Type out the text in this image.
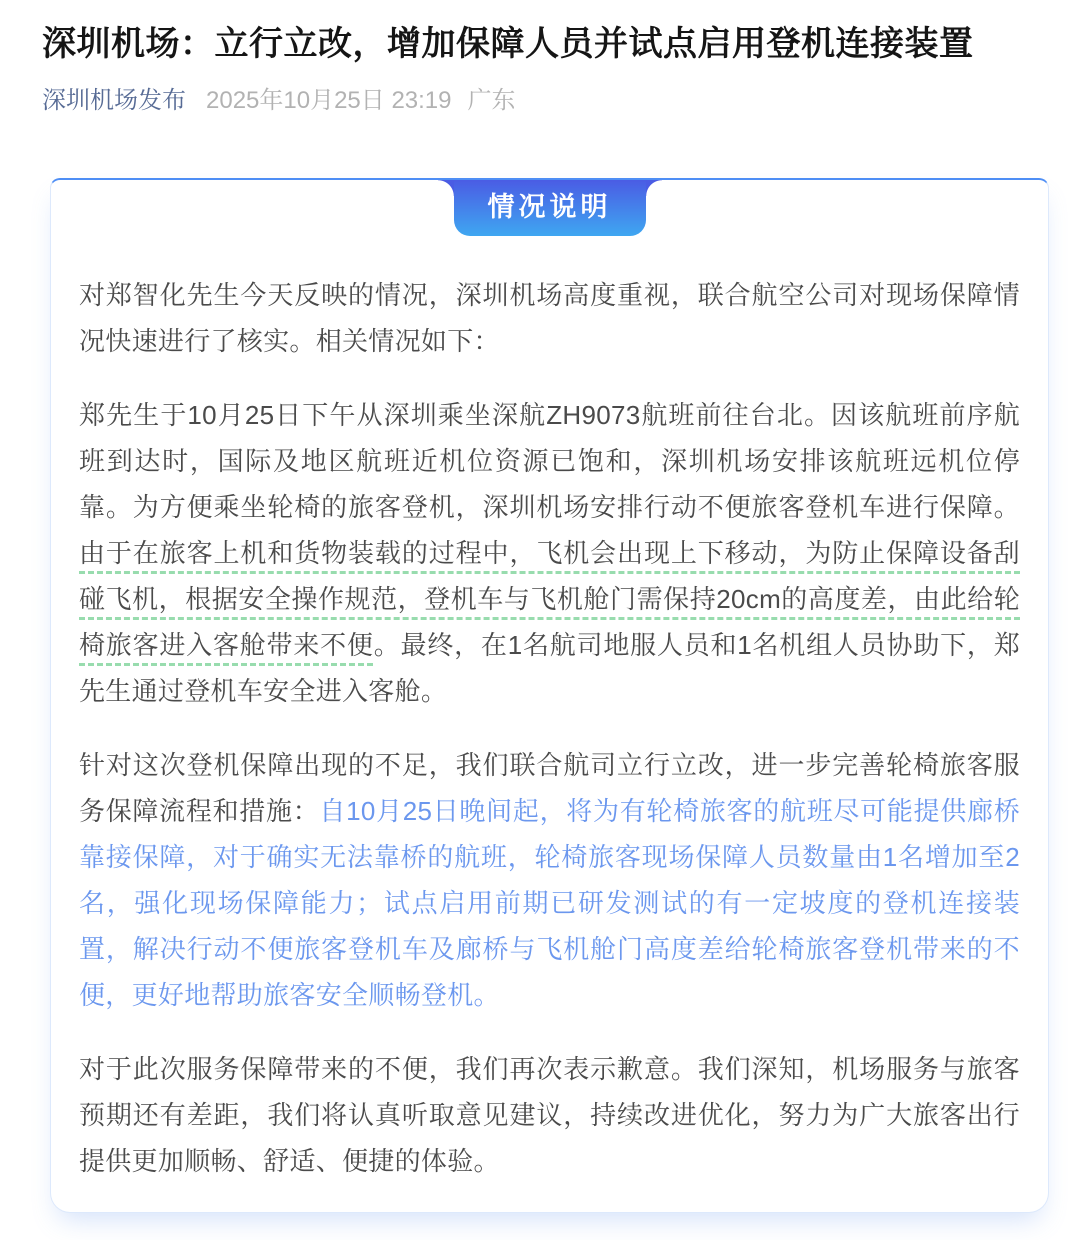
深圳机场：立行立改，增加保障人员并试点启用登机连接装置
深圳机场发布 2025年10月25日 23:19 广东
情况说明

对郑智化先生今天反映的情况，深圳机场高度重视，联合航空公司对现场保障情况快速进行了核实。相关情况如下：

郑先生于10月25日下午从深圳乘坐深航ZH9073航班前往台北。因该航班前序航班到达时，国际及地区航班近机位资源已饱和，深圳机场安排该航班远机位停靠。为方便乘坐轮椅的旅客登机，深圳机场安排行动不便旅客登机车进行保障。由于在旅客上机和货物装载的过程中，飞机会出现上下移动，为防止保障设备刮碰飞机，根据安全操作规范，登机车与飞机舱门需保持20cm的高度差，由此给轮椅旅客进入客舱带来不便。最终，在1名航司地服人员和1名机组人员协助下，郑先生通过登机车安全进入客舱。

针对这次登机保障出现的不足，我们联合航司立行立改，进一步完善轮椅旅客服务保障流程和措施：自10月25日晚间起，将为有轮椅旅客的航班尽可能提供廊桥靠接保障，对于确实无法靠桥的航班，轮椅旅客现场保障人员数量由1名增加至2名，强化现场保障能力；试点启用前期已研发测试的有一定坡度的登机连接装置，解决行动不便旅客登机车及廊桥与飞机舱门高度差给轮椅旅客登机带来的不便，更好地帮助旅客安全顺畅登机。

对于此次服务保障带来的不便，我们再次表示歉意。我们深知，机场服务与旅客预期还有差距，我们将认真听取意见建议，持续改进优化，努力为广大旅客出行提供更加顺畅、舒适、便捷的体验。
